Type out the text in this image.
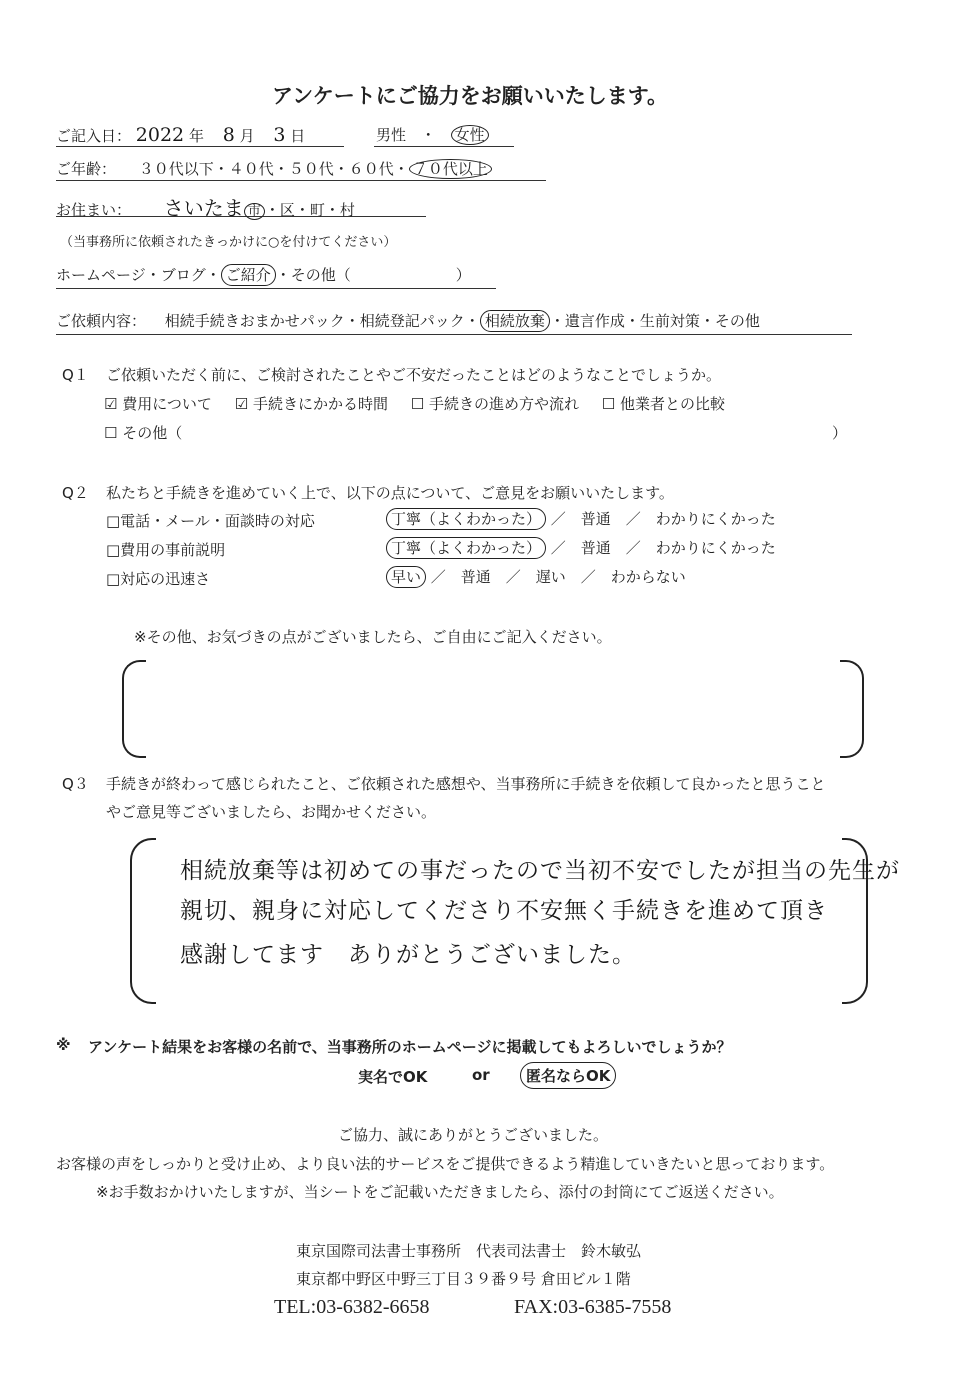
アンケートにご協力をお願いいたします。
ご記入日： 2022 年 8 月 3 日	男性 ・ 女性
ご年齢： ３０代以下・４０代・５０代・６０代・ ７０代以上
お住まい： さいたま 市 ・区・町・村
（当事務所に依頼されたきっかけに○を付けてください）
ホームページ・ブログ・ ご紹介 ・その他（　　　　　　　）
ご依頼内容： 相続手続きおまかせパック・相続登記パック・ 相続放棄 ・遺言作成・生前対策・その他
Q１ ご依頼いただく前に、ご検討されたことやご不安だったことはどのようなことでしょうか。
☑ 費用について ☑ 手続きにかかる時間 ☐ 手続きの進め方や流れ ☐ 他業者との比較
☐ その他（	）
Q２ 私たちと手続きを進めていく上で、以下の点について、ご意見をお願いいたします。
□電話・メール・面談時の対応	丁寧（よくわかった） ／　普通　／　わかりにくかった
□費用の事前説明	丁寧（よくわかった） ／　普通　／　わかりにくかった
□対応の迅速さ	早い ／　普通　／　遅い　／　わからない
※その他、お気づきの点がございましたら、ご自由にご記入ください。
Q３ 手続きが終わって感じられたこと、ご依頼された感想や、当事務所に手続きを依頼して良かったと思うこと
やご意見等ございましたら、お聞かせください。
相続放棄等は初めての事だったので当初不安でしたが担当の先生が
親切、親身に対応してくださり不安無く手続きを進めて頂き
感謝してます　ありがとうございました。
※ アンケート結果をお客様の名前で、当事務所のホームページに掲載してもよろしいでしょうか？
実名でOK	or	匿名ならOK
ご協力、誠にありがとうございました。
お客様の声をしっかりと受け止め、より良い法的サービスをご提供できるよう精進していきたいと思っております。
※お手数おかけいたしますが、当シートをご記載いただきましたら、添付の封筒にてご返送ください。
東京国際司法書士事務所　代表司法書士　鈴木敏弘
東京都中野区中野三丁目３９番９号 倉田ビル１階
TEL:03-6382-6658	FAX:03-6385-7558
